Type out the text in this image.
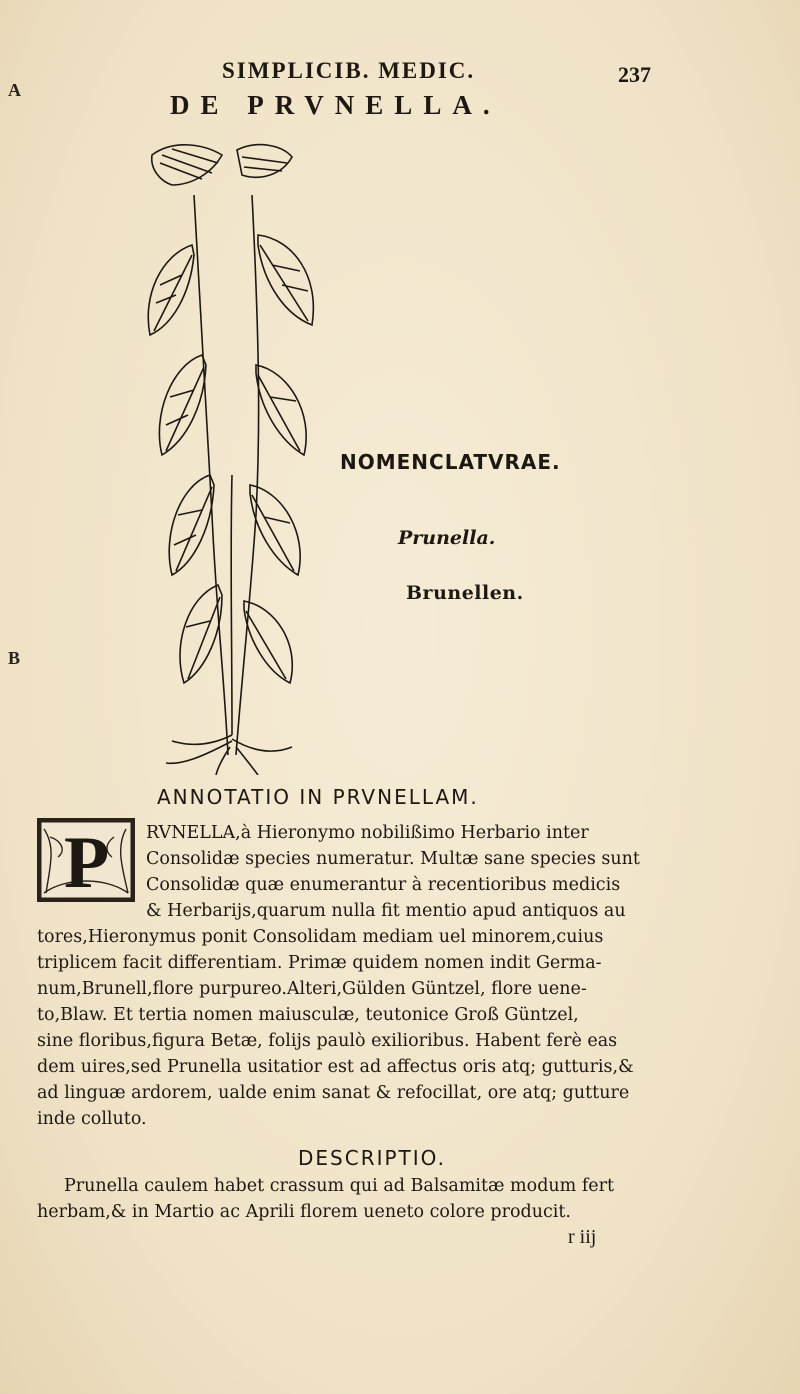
A
B
SIMPLICIB. MEDIC.	237
DE PRVNELLA.
NOMENCLATVRAE.
Prunella.
Brunellen.
ANNOTATIO IN PRVNELLAM.
P RVNELLA,à Hieronymo nobilißimo Herbario inter
Consolidæ species numeratur. Multæ sane species sunt
Consolidæ quæ enumerantur à recentioribus medicis
& Herbarijs,quarum nulla fit mentio apud antiquos au
tores,Hieronymus ponit Consolidam mediam uel minorem,cuius
triplicem facit differentiam. Primæ quidem nomen indit Germa-
num,Brunell,flore purpureo.Alteri,Gülden Güntzel, flore uene-
to,Blaw. Et tertia nomen maiusculæ, teutonice Groß Güntzel,
sine floribus,figura Betæ, folijs paulò exilioribus. Habent ferè eas
dem uires,sed Prunella usitatior est ad affectus oris atq; gutturis,&
ad linguæ ardorem, ualde enim sanat & refocillat, ore atq; gutture
inde colluto.
DESCRIPTIO.
Prunella caulem habet crassum qui ad Balsamitæ modum fert
herbam,& in Martio ac Aprili florem ueneto colore producit.
r iij
